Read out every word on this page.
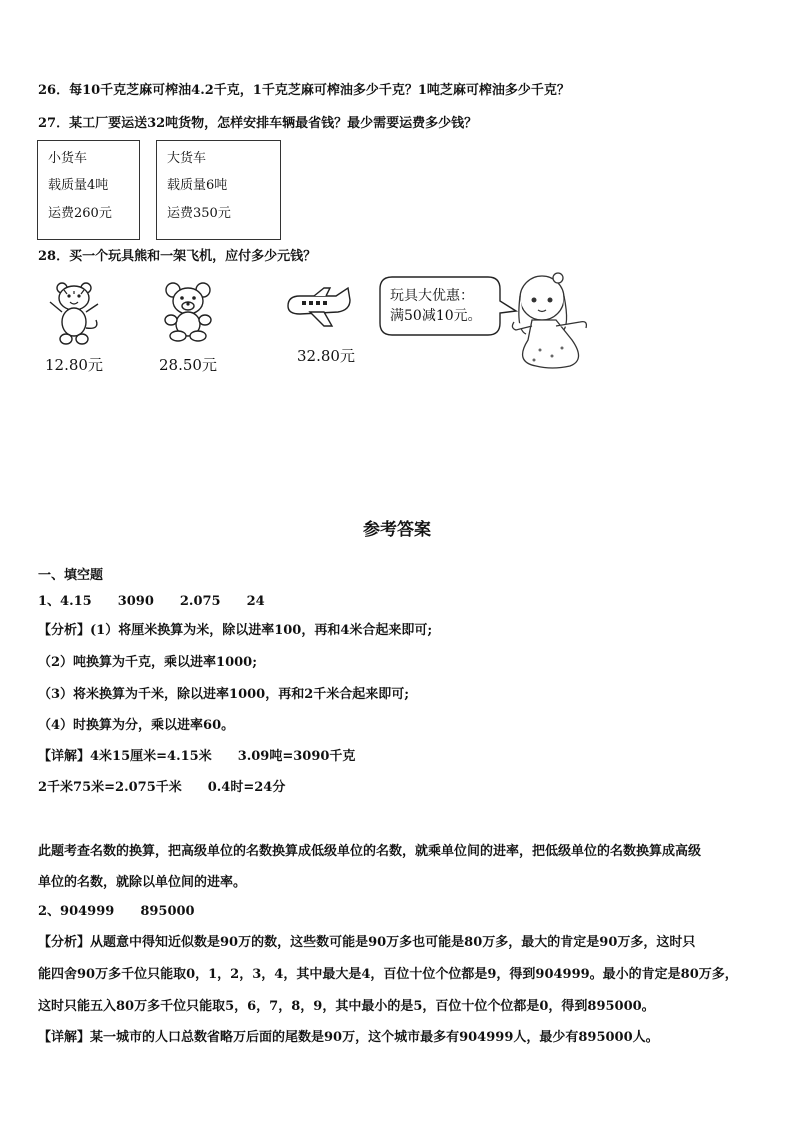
26．每10千克芝麻可榨油4.2千克，1千克芝麻可榨油多少千克？1吨芝麻可榨油多少千克？
27．某工厂要运送32吨货物，怎样安排车辆最省钱？最少需要运费多少钱？
小货车
载质量4吨
运费260元
大货车
载质量6吨
运费350元
28．买一个玩具熊和一架飞机，应付多少元钱？
12.80元	28.50元	32.80元
玩具大优惠：
满50减10元。
参考答案
一、填空题
1、4.15　　3090　　2.075　　24
【分析】(1）将厘米换算为米，除以进率100，再和4米合起来即可;
（2）吨换算为千克，乘以进率1000;
（3）将米换算为千米，除以进率1000，再和2千米合起来即可;
（4）时换算为分，乘以进率60。
【详解】4米15厘米=4.15米　　3.09吨=3090千克
2千米75米=2.075千米　　0.4时=24分
此题考查名数的换算，把高级单位的名数换算成低级单位的名数，就乘单位间的进率，把低级单位的名数换算成高级
单位的名数，就除以单位间的进率。
2、904999　　895000
【分析】从题意中得知近似数是90万的数，这些数可能是90万多也可能是80万多，最大的肯定是90万多，这时只
能四舍90万多千位只能取0，1，2，3，4，其中最大是4，百位十位个位都是9，得到904999。最小的肯定是80万多，
这时只能五入80万多千位只能取5，6，7，8，9，其中最小的是5，百位十位个位都是0，得到895000。
【详解】某一城市的人口总数省略万后面的尾数是90万，这个城市最多有904999人，最少有895000人。
